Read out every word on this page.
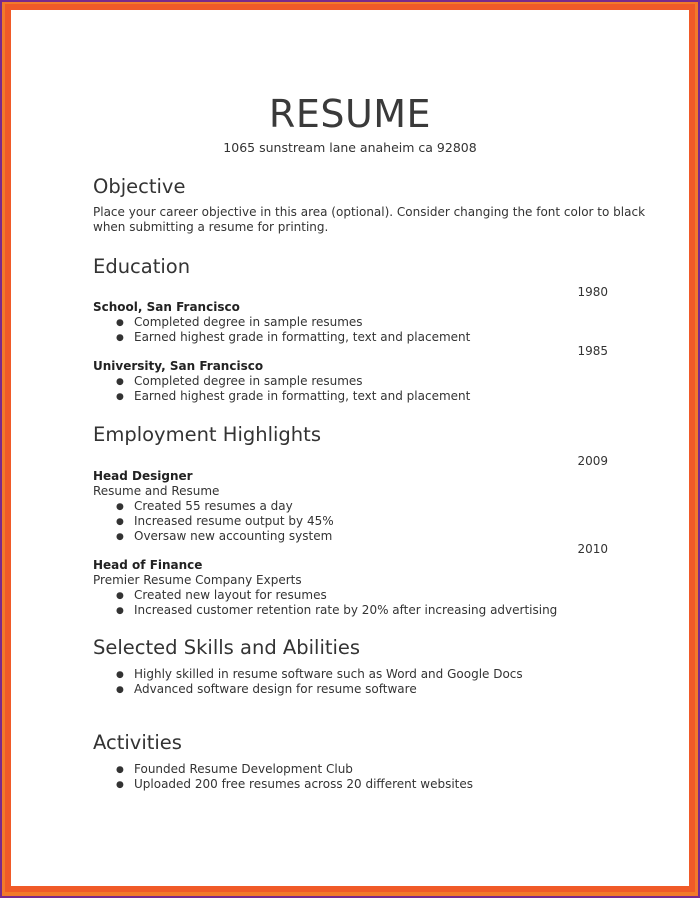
RESUME
1065 sunstream lane anaheim ca 92808
Objective
Place your career objective in this area (optional). Consider changing the font color to black
when submitting a resume for printing.
Education
1980
School, San Francisco
● Completed degree in sample resumes
● Earned highest grade in formatting, text and placement
1985
University, San Francisco
● Completed degree in sample resumes
● Earned highest grade in formatting, text and placement
Employment Highlights
2009
Head Designer
Resume and Resume
● Created 55 resumes a day
● Increased resume output by 45%
● Oversaw new accounting system
2010
Head of Finance
Premier Resume Company Experts
● Created new layout for resumes
● Increased customer retention rate by 20% after increasing advertising
Selected Skills and Abilities
● Highly skilled in resume software such as Word and Google Docs
● Advanced software design for resume software
Activities
● Founded Resume Development Club
● Uploaded 200 free resumes across 20 different websites
